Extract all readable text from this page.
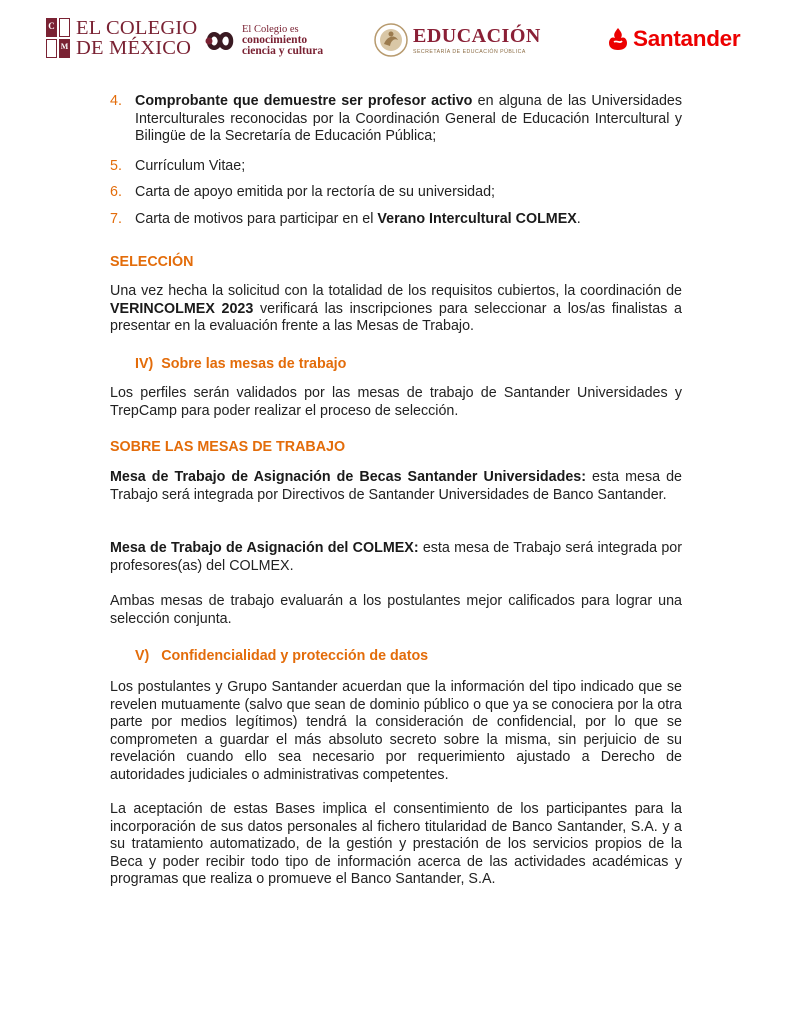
C
M
EL COLEGIO
DE MÉXICO
El Colegio es
conocimiento
ciencia y cultura
EDUCACIÓN
SECRETARÍA DE EDUCACIÓN PÚBLICA
Santander
4. Comprobante que demuestre ser profesor activo en alguna de las Universidades Interculturales reconocidas por la Coordinación General de Educación Intercultural y Bilingüe de la Secretaría de Educación Pública;
5. Currículum Vitae;
6. Carta de apoyo emitida por la rectoría de su universidad;
7. Carta de motivos para participar en el Verano Intercultural COLMEX.
SELECCIÓN
Una vez hecha la solicitud con la totalidad de los requisitos cubiertos, la coordinación de VERINCOLMEX 2023 verificará las inscripciones para seleccionar a los/as finalistas a presentar en la evaluación frente a las Mesas de Trabajo.
IV) Sobre las mesas de trabajo
Los perfiles serán validados por las mesas de trabajo de Santander Universidades y TrepCamp para poder realizar el proceso de selección.
SOBRE LAS MESAS DE TRABAJO
Mesa de Trabajo de Asignación de Becas Santander Universidades: esta mesa de Trabajo será integrada por Directivos de Santander Universidades de Banco Santander.
Mesa de Trabajo de Asignación del COLMEX: esta mesa de Trabajo será integrada por profesores(as) del COLMEX.
Ambas mesas de trabajo evaluarán a los postulantes mejor calificados para lograr una selección conjunta.
V) Confidencialidad y protección de datos
Los postulantes y Grupo Santander acuerdan que la información del tipo indicado que se revelen mutuamente (salvo que sean de dominio público o que ya se conociera por la otra parte por medios legítimos) tendrá la consideración de confidencial, por lo que se comprometen a guardar el más absoluto secreto sobre la misma, sin perjuicio de su revelación cuando ello sea necesario por requerimiento ajustado a Derecho de autoridades judiciales o administrativas competentes.
La aceptación de estas Bases implica el consentimiento de los participantes para la incorporación de sus datos personales al fichero titularidad de Banco Santander, S.A. y a su tratamiento automatizado, de la gestión y prestación de los servicios propios de la Beca y poder recibir todo tipo de información acerca de las actividades académicas y programas que realiza o promueve el Banco Santander, S.A.
